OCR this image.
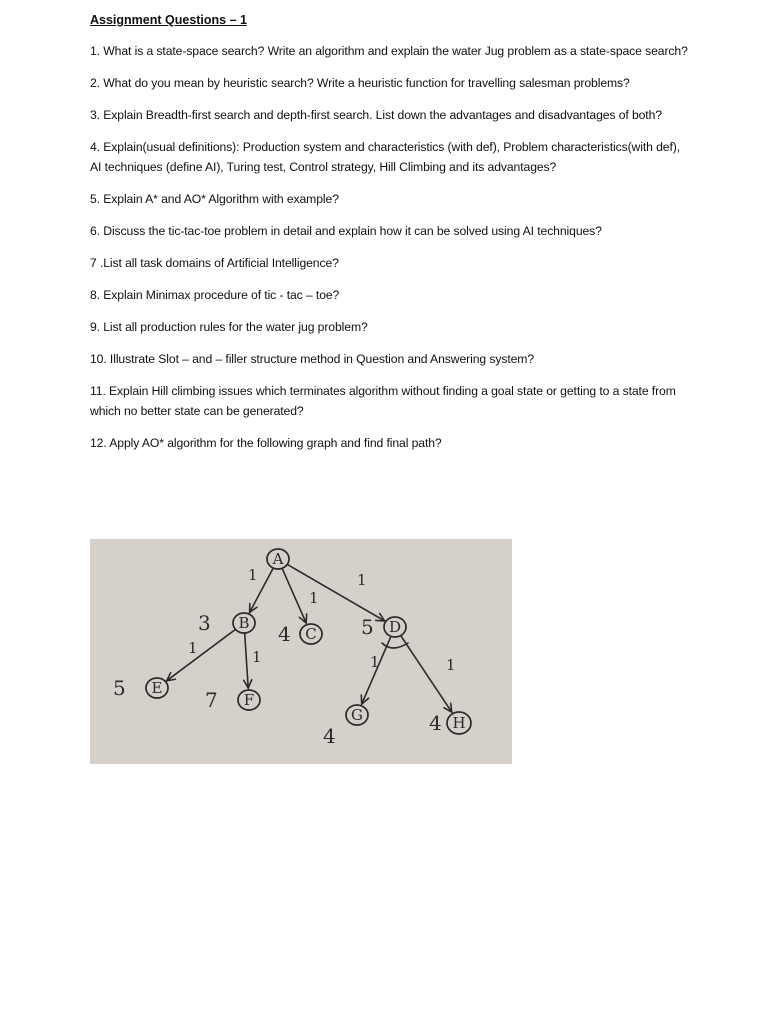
Assignment Questions – 1
1. What is a state-space search? Write an algorithm and explain the water Jug problem as a state-space search?
2. What do you mean by heuristic search? Write a heuristic function for travelling salesman problems?
3. Explain Breadth-first search and depth-first search. List down the advantages and disadvantages of both?
4. Explain(usual definitions): Production system and characteristics (with def), Problem characteristics(with def), AI techniques (define AI), Turing test, Control strategy, Hill Climbing and its advantages?
5. Explain A* and AO* Algorithm with example?
6. Discuss the tic-tac-toe problem in detail and explain how it can be solved using AI techniques?
7 .List all task domains of Artificial Intelligence?
8. Explain Minimax procedure of tic - tac – toe?
9. List all production rules for the water jug problem?
10. Illustrate Slot – and – filler structure method in Question and Answering system?
11. Explain Hill climbing issues which terminates algorithm without finding a goal state or getting to a state from which no better state can be generated?
12. Apply AO* algorithm for the following graph and find final path?
1
1
1
1	1	1	1
A
B
3	C
4	D
5
E
5	F
7
G
4
H
4
